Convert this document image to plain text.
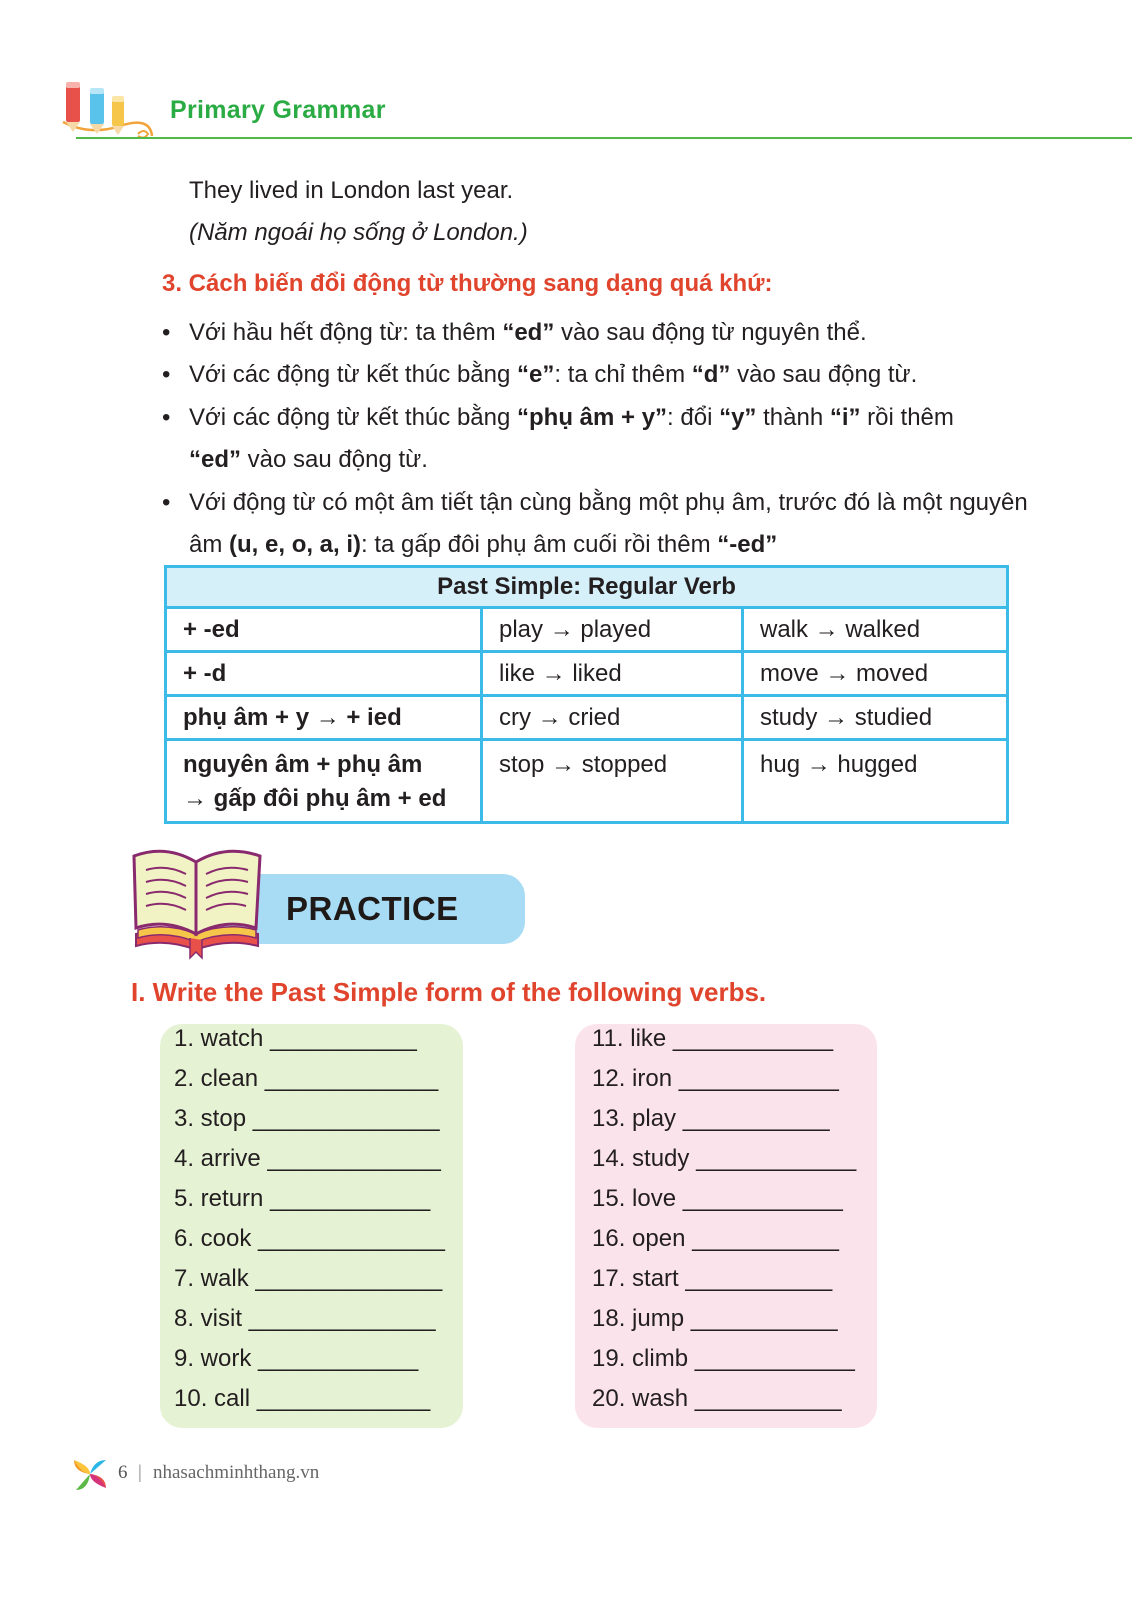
Primary Grammar
They lived in London last year.
(Năm ngoái họ sống ở London.)
3. Cách biến đổi động từ thường sang dạng quá khứ:
• Với hầu hết động từ: ta thêm “ed” vào sau động từ nguyên thể.
• Với các động từ kết thúc bằng “e”: ta chỉ thêm “d” vào sau động từ.
• Với các động từ kết thúc bằng “phụ âm + y”: đổi “y” thành “i” rồi thêm
“ed” vào sau động từ.
• Với động từ có một âm tiết tận cùng bằng một phụ âm, trước đó là một nguyên âm (u, e, o, a, i): ta gấp đôi phụ âm cuối rồi thêm “-ed”
Past Simple: Regular Verb		
+ -ed	play → played	walk → walked
+ -d	like → liked	move → moved
phụ âm + y → + ied	cry → cried	study → studied
nguyên âm + phụ âm
→ gấp đôi phụ âm + ed	stop → stopped	hug → hugged
PRACTICE
I. Write the Past Simple form of the following verbs.
1. watch ___________
2. clean _____________
3. stop ______________
4. arrive _____________
5. return ____________
6. cook ______________
7. walk ______________
8. visit ______________
9. work ____________
10. call _____________
11. like ____________
12. iron ____________
13. play ___________
14. study ____________
15. love ____________
16. open ___________
17. start ___________
18. jump ___________
19. climb ____________
20. wash ___________
6 | nhasachminhthang.vn
